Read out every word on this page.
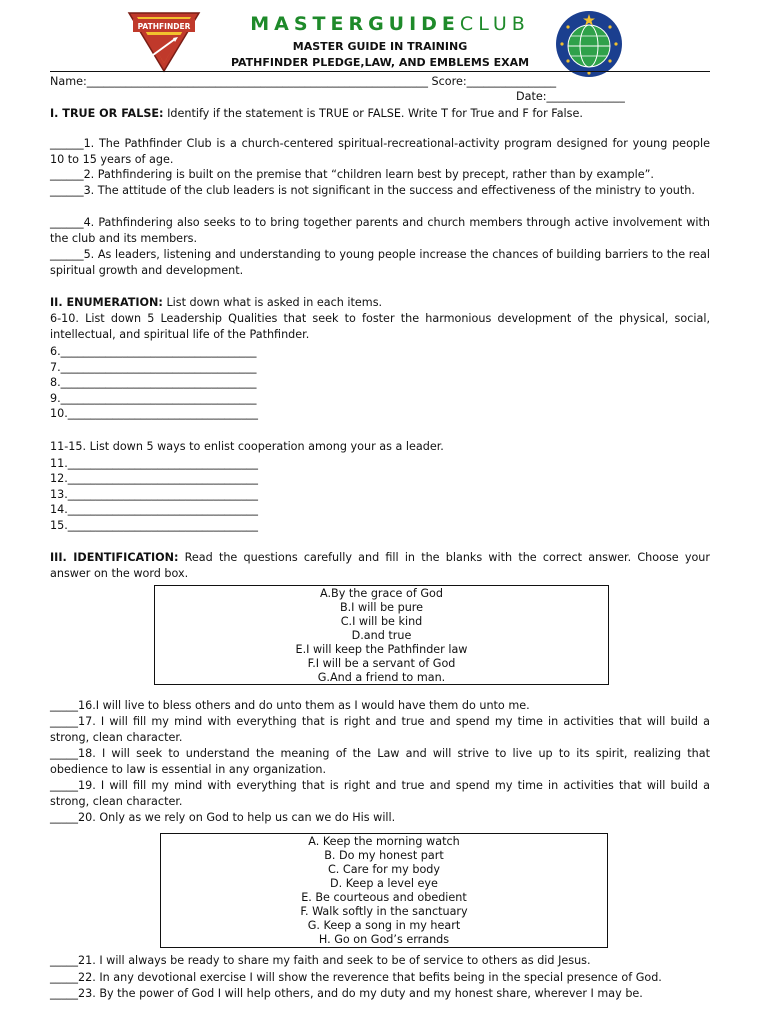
PATHFINDER	MASTERGUIDECLUB
MASTER GUIDE IN TRAINING
PATHFINDER PLEDGE,LAW, AND EMBLEMS EXAM
Name:_____________________________________________________________ Score:________________
Date:______________
I. TRUE OR FALSE: Identify if the statement is TRUE or FALSE. Write T for True and F for False.
______1. The Pathfinder Club is a church-centered spiritual-recreational-activity program designed for young people 10 to 15 years of age.
______2. Pathfindering is built on the premise that “children learn best by precept, rather than by example”.
______3. The attitude of the club leaders is not significant in the success and effectiveness of the ministry to youth.
______4. Pathfindering also seeks to to bring together parents and church members through active involvement with the club and its members.
______5. As leaders, listening and understanding to young people increase the chances of building barriers to the real spiritual growth and development.
II. ENUMERATION: List down what is asked in each items.
6-10. List down 5 Leadership Qualities that seek to foster the harmonious development of the physical, social, intellectual, and spiritual life of the Pathfinder.
6.___________________________________
7.___________________________________
8.___________________________________
9.___________________________________
10.__________________________________
11-15. List down 5 ways to enlist cooperation among your as a leader.
11.__________________________________
12.__________________________________
13.__________________________________
14.__________________________________
15.__________________________________
III. IDENTIFICATION: Read the questions carefully and fill in the blanks with the correct answer. Choose your answer on the word box.
A.By the grace of God
B.I will be pure
C.I will be kind
D.and true
E.I will keep the Pathfinder law
F.I will be a servant of God
G.And a friend to man.
_____16.I will live to bless others and do unto them as I would have them do unto me.
_____17. I will fill my mind with everything that is right and true and spend my time in activities that will build a strong, clean character.
_____18. I will seek to understand the meaning of the Law and will strive to live up to its spirit, realizing that obedience to law is essential in any organization.
_____19. I will fill my mind with everything that is right and true and spend my time in activities that will build a strong, clean character.
_____20. Only as we rely on God to help us can we do His will.
A. Keep the morning watch
B. Do my honest part
C. Care for my body
D. Keep a level eye
E. Be courteous and obedient
F. Walk softly in the sanctuary
G. Keep a song in my heart
H. Go on God’s errands
_____21. I will always be ready to share my faith and seek to be of service to others as did Jesus.
_____22. In any devotional exercise I will show the reverence that befits being in the special presence of God.
_____23. By the power of God I will help others, and do my duty and my honest share, wherever I may be.
